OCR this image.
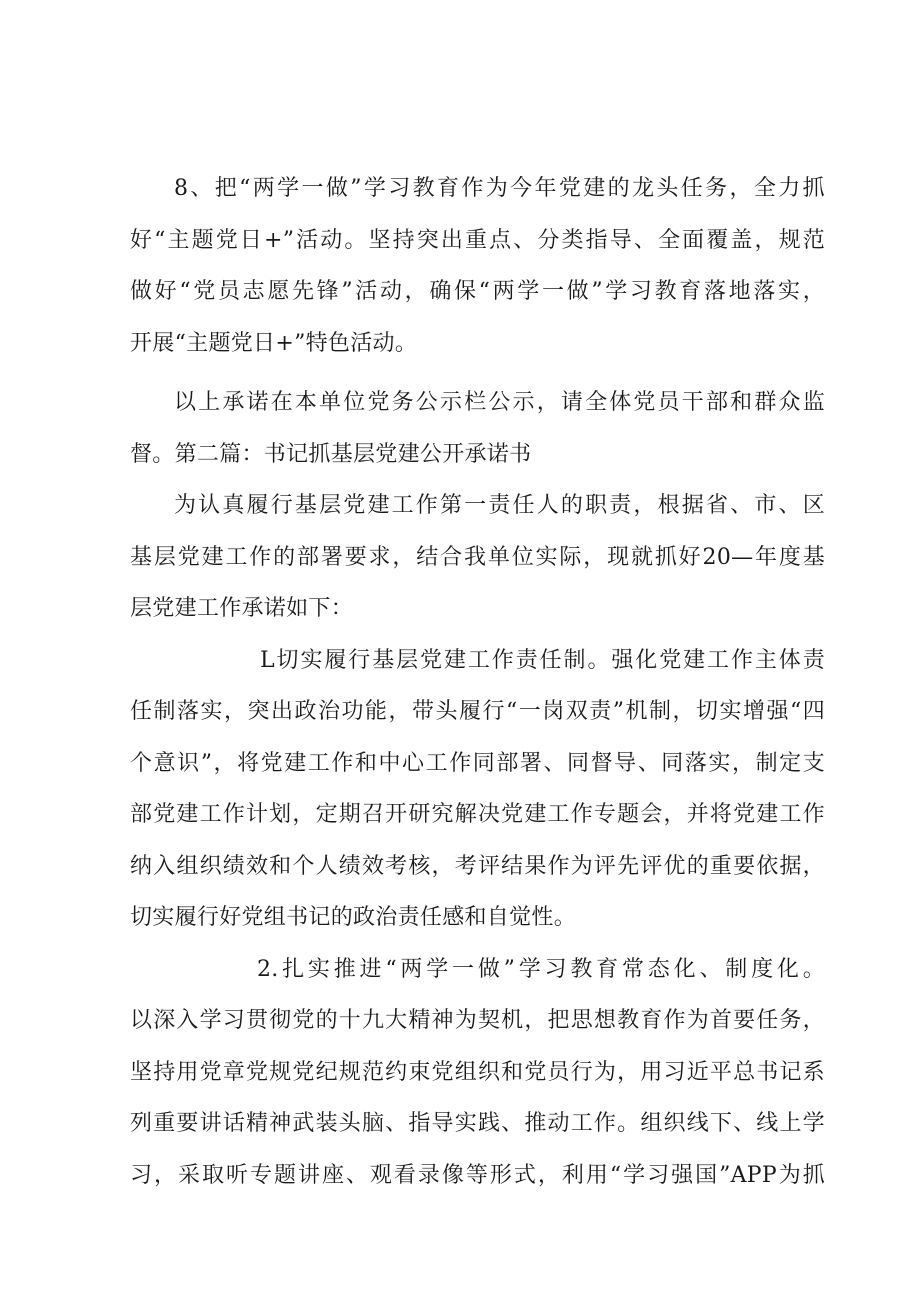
8、把“两学一做”学习教育作为今年党建的龙头任务，全力抓
好“主题党日+”活动。坚持突出重点、分类指导、全面覆盖，规范
做好“党员志愿先锋”活动，确保“两学一做”学习教育落地落实，
开展“主题党日+”特色活动。
以上承诺在本单位党务公示栏公示，请全体党员干部和群众监
督。第二篇：书记抓基层党建公开承诺书
为认真履行基层党建工作第一责任人的职责，根据省、市、区
基层党建工作的部署要求，结合我单位实际，现就抓好20—年度基
层党建工作承诺如下：
L切实履行基层党建工作责任制。强化党建工作主体责
任制落实，突出政治功能，带头履行“一岗双责”机制，切实增强“四
个意识”，将党建工作和中心工作同部署、同督导、同落实，制定支
部党建工作计划，定期召开研究解决党建工作专题会，并将党建工作
纳入组织绩效和个人绩效考核，考评结果作为评先评优的重要依据，
切实履行好党组书记的政治责任感和自觉性。
2.扎实推进“两学一做”学习教育常态化、制度化。
以深入学习贯彻党的十九大精神为契机，把思想教育作为首要任务，
坚持用党章党规党纪规范约束党组织和党员行为，用习近平总书记系
列重要讲话精神武装头脑、指导实践、推动工作。组织线下、线上学
习，采取听专题讲座、观看录像等形式，利用“学习强国”APP为抓
